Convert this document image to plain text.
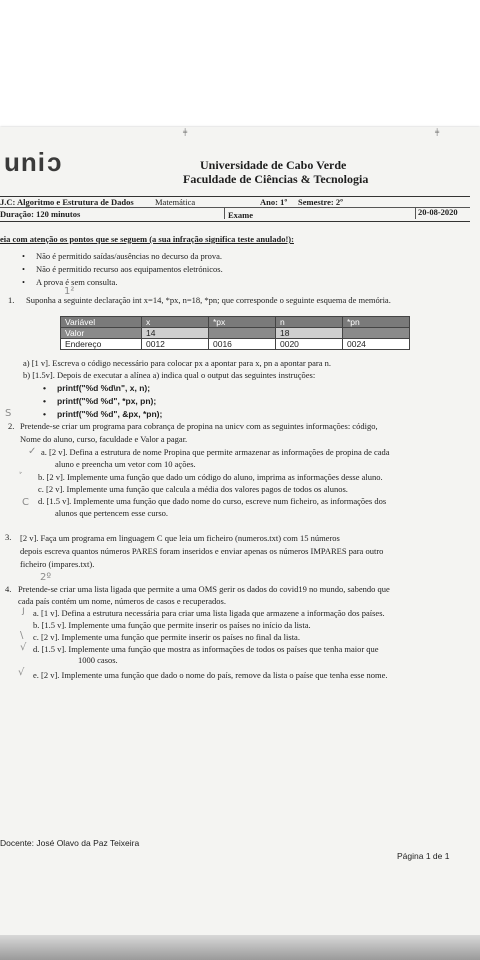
╪	╪
unic	Universidade de Cabo Verde
Faculdade de Ciências & Tecnologia
J.C: Algoritmo e Estrutura de Dados	Matemática	Ano: 1º Semestre: 2º
Duração: 120 minutos	Exame	20-08-2020
eia com atenção os pontos que se seguem (a sua infração significa teste anulado!):
• Não é permitido saídas/ausências no decurso da prova.
• Não é permitido recurso aos equipamentos eletrónicos.
• A prova é sem consulta.
1²
1. Suponha a seguinte declaração int x=14, *px, n=18, *pn; que corresponde o seguinte esquema de memória.
Variável	x	*px	n	*pn
Valor	14		18	
Endereço	0012	0016	0020	0024
a) [1 v]. Escreva o código necessário para colocar px a apontar para x, pn a apontar para n.
b) [1.5v]. Depois de executar a alínea a) indica qual o output das seguintes instruções:
• printf("%d %d\n", x, n);
• printf("%d %d", *px, pn);
• printf("%d %d", &px, *pn);
S
2. Pretende-se criar um programa para cobrança de propina na unicv com as seguintes informações: código,
Nome do aluno, curso, faculdade e Valor a pagar.
✓ a. [2 v]. Defina a estrutura de nome Propina que permite armazenar as informações de propina de cada
aluno e preencha um vetor com 10 ações.
b. [2 v]. Implemente uma função que dado um código do aluno, imprima as informações desse aluno.
c. [2 v]. Implemente uma função que calcula a média dos valores pagos de todos os alunos.
C d. [1.5 v]. Implemente uma função que dado nome do curso, escreve num ficheiro, as informações dos
alunos que pertencem esse curso.
3. [2 v]. Faça um programa em linguagem C que leia um ficheiro (numeros.txt) com 15 números
depois escreva quantos números PARES foram inseridos e enviar apenas os números IMPARES para outro
ficheiro (impares.txt).
2º
4. Pretende-se criar uma lista ligada que permite a uma OMS gerir os dados do covid19 no mundo, sabendo que
cada país contém um nome, números de casos e recuperados.
ȷ a. [1 v]. Defina a estrutura necessária para criar uma lista ligada que armazene a informação dos países.
b. [1.5 v]. Implemente uma função que permite inserir os países no início da lista.
\ c. [2 v]. Implemente uma função que permite inserir os países no final da lista.
√ d. [1.5 v]. Implemente uma função que mostra as informações de todos os países que tenha maior que
1000 casos.
√ e. [2 v]. Implemente uma função que dado o nome do país, remove da lista o paíse que tenha esse nome.
Docente: José Olavo da Paz Teixeira
Página 1 de 1
